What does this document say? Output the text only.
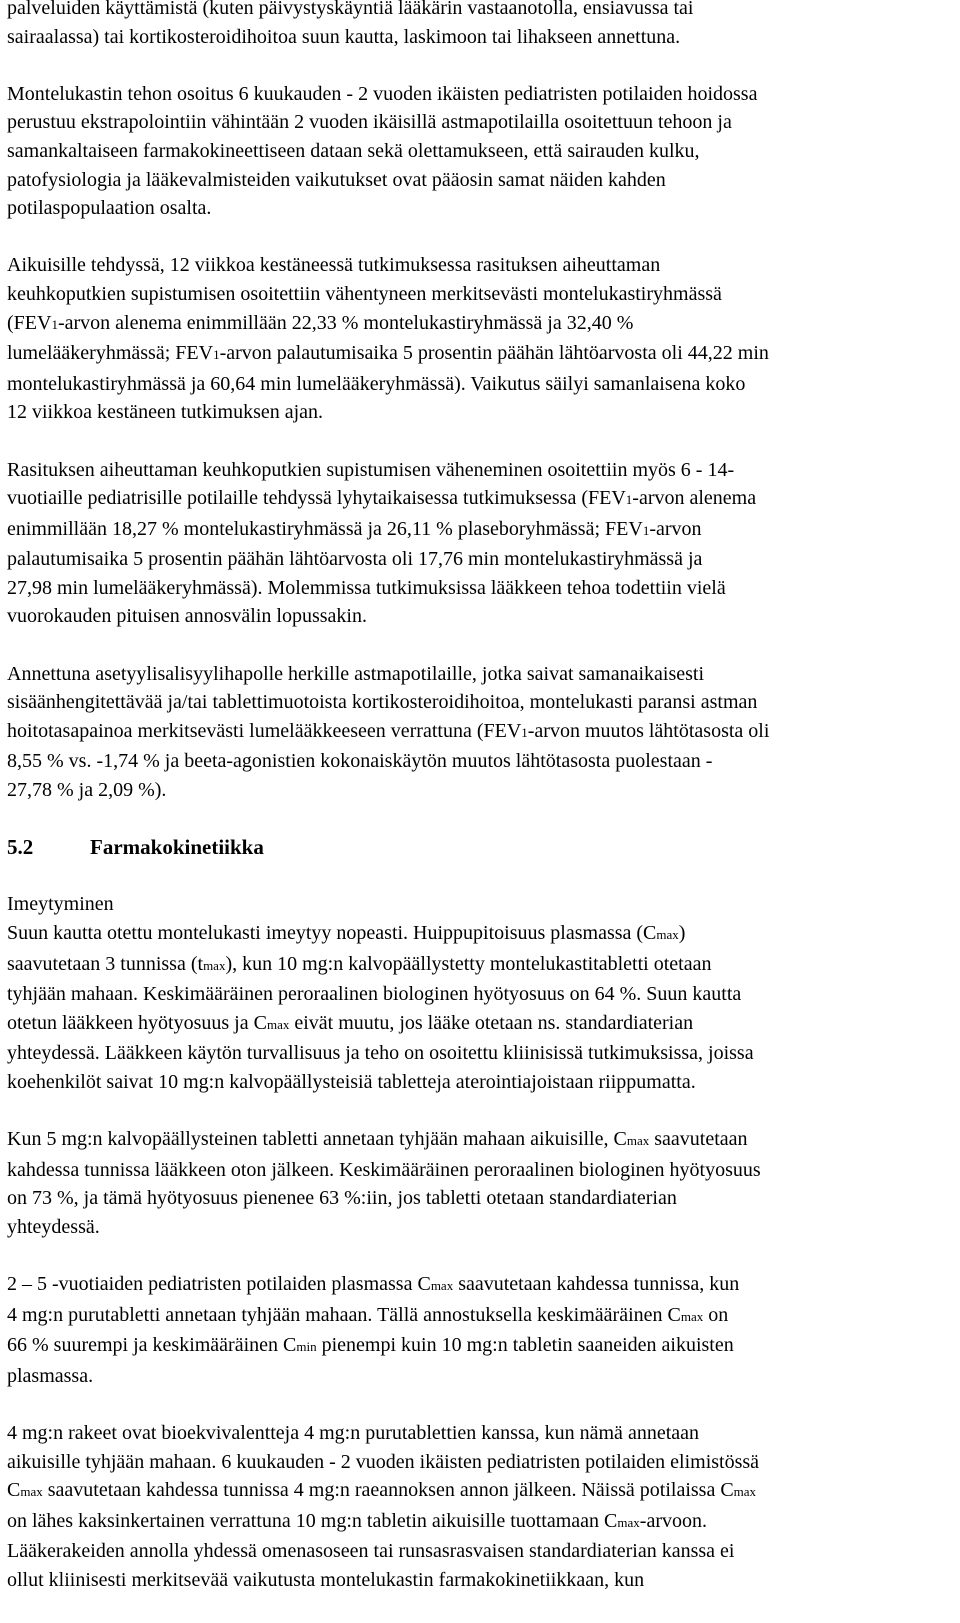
palveluiden käyttämistä (kuten päivystyskäyntiä lääkärin vastaanotolla, ensiavussa tai
sairaalassa) tai kortikosteroidihoitoa suun kautta, laskimoon tai lihakseen annettuna.

Montelukastin tehon osoitus 6 kuukauden - 2 vuoden ikäisten pediatristen potilaiden hoidossa
perustuu ekstrapolointiin vähintään 2 vuoden ikäisillä astmapotilailla osoitettuun tehoon ja
samankaltaiseen farmakokineettiseen dataan sekä olettamukseen, että sairauden kulku,
patofysiologia ja lääkevalmisteiden vaikutukset ovat pääosin samat näiden kahden
potilaspopulaation osalta.

Aikuisille tehdyssä, 12 viikkoa kestäneessä tutkimuksessa rasituksen aiheuttaman
keuhkoputkien supistumisen osoitettiin vähentyneen merkitsevästi montelukastiryhmässä
(FEV1-arvon alenema enimmillään 22,33 % montelukastiryhmässä ja 32,40 %
lumelääkeryhmässä; FEV1-arvon palautumisaika 5 prosentin päähän lähtöarvosta oli 44,22 min
montelukastiryhmässä ja 60,64 min lumelääkeryhmässä). Vaikutus säilyi samanlaisena koko
12 viikkoa kestäneen tutkimuksen ajan.

Rasituksen aiheuttaman keuhkoputkien supistumisen väheneminen osoitettiin myös 6 - 14-
vuotiaille pediatrisille potilaille tehdyssä lyhytaikaisessa tutkimuksessa (FEV1-arvon alenema
enimmillään 18,27 % montelukastiryhmässä ja 26,11 % plaseboryhmässä; FEV1-arvon
palautumisaika 5 prosentin päähän lähtöarvosta oli 17,76 min montelukastiryhmässä ja
27,98 min lumelääkeryhmässä). Molemmissa tutkimuksissa lääkkeen tehoa todettiin vielä
vuorokauden pituisen annosvälin lopussakin.

Annettuna asetyylisalisyylihapolle herkille astmapotilaille, jotka saivat samanaikaisesti
sisäänhengitettävää ja/tai tablettimuotoista kortikosteroidihoitoa, montelukasti paransi astman
hoitotasapainoa merkitsevästi lumelääkkeeseen verrattuna (FEV1-arvon muutos lähtötasosta oli
8,55 % vs. -1,74 % ja beeta-agonistien kokonaiskäytön muutos lähtötasosta puolestaan -
27,78 % ja 2,09 %).

5.2	Farmakokinetiikka
Imeytyminen

Suun kautta otettu montelukasti imeytyy nopeasti. Huippupitoisuus plasmassa (Cmax)
saavutetaan 3 tunnissa (tmax), kun 10 mg:n kalvopäällystetty montelukastitabletti otetaan
tyhjään mahaan. Keskimääräinen peroraalinen biologinen hyötyosuus on 64 %. Suun kautta
otetun lääkkeen hyötyosuus ja Cmax eivät muutu, jos lääke otetaan ns. standardiaterian
yhteydessä. Lääkkeen käytön turvallisuus ja teho on osoitettu kliinisissä tutkimuksissa, joissa
koehenkilöt saivat 10 mg:n kalvopäällysteisiä tabletteja aterointiajoistaan riippumatta.

Kun 5 mg:n kalvopäällysteinen tabletti annetaan tyhjään mahaan aikuisille, Cmax saavutetaan
kahdessa tunnissa lääkkeen oton jälkeen. Keskimääräinen peroraalinen biologinen hyötyosuus
on 73 %, ja tämä hyötyosuus pienenee 63 %:iin, jos tabletti otetaan standardiaterian
yhteydessä.

2 – 5 -vuotiaiden pediatristen potilaiden plasmassa Cmax saavutetaan kahdessa tunnissa, kun
4 mg:n purutabletti annetaan tyhjään mahaan. Tällä annostuksella keskimääräinen Cmax on
66 % suurempi ja keskimääräinen Cmin pienempi kuin 10 mg:n tabletin saaneiden aikuisten
plasmassa.

4 mg:n rakeet ovat bioekvivalentteja 4 mg:n purutablettien kanssa, kun nämä annetaan
aikuisille tyhjään mahaan. 6 kuukauden - 2 vuoden ikäisten pediatristen potilaiden elimistössä
Cmax saavutetaan kahdessa tunnissa 4 mg:n raeannoksen annon jälkeen. Näissä potilaissa Cmax
on lähes kaksinkertainen verrattuna 10 mg:n tabletin aikuisille tuottamaan Cmax-arvoon.
Lääkerakeiden annolla yhdessä omenasoseen tai runsasrasvaisen standardiaterian kanssa ei
ollut kliinisesti merkitsevää vaikutusta montelukastin farmakokinetiikkaan, kun
